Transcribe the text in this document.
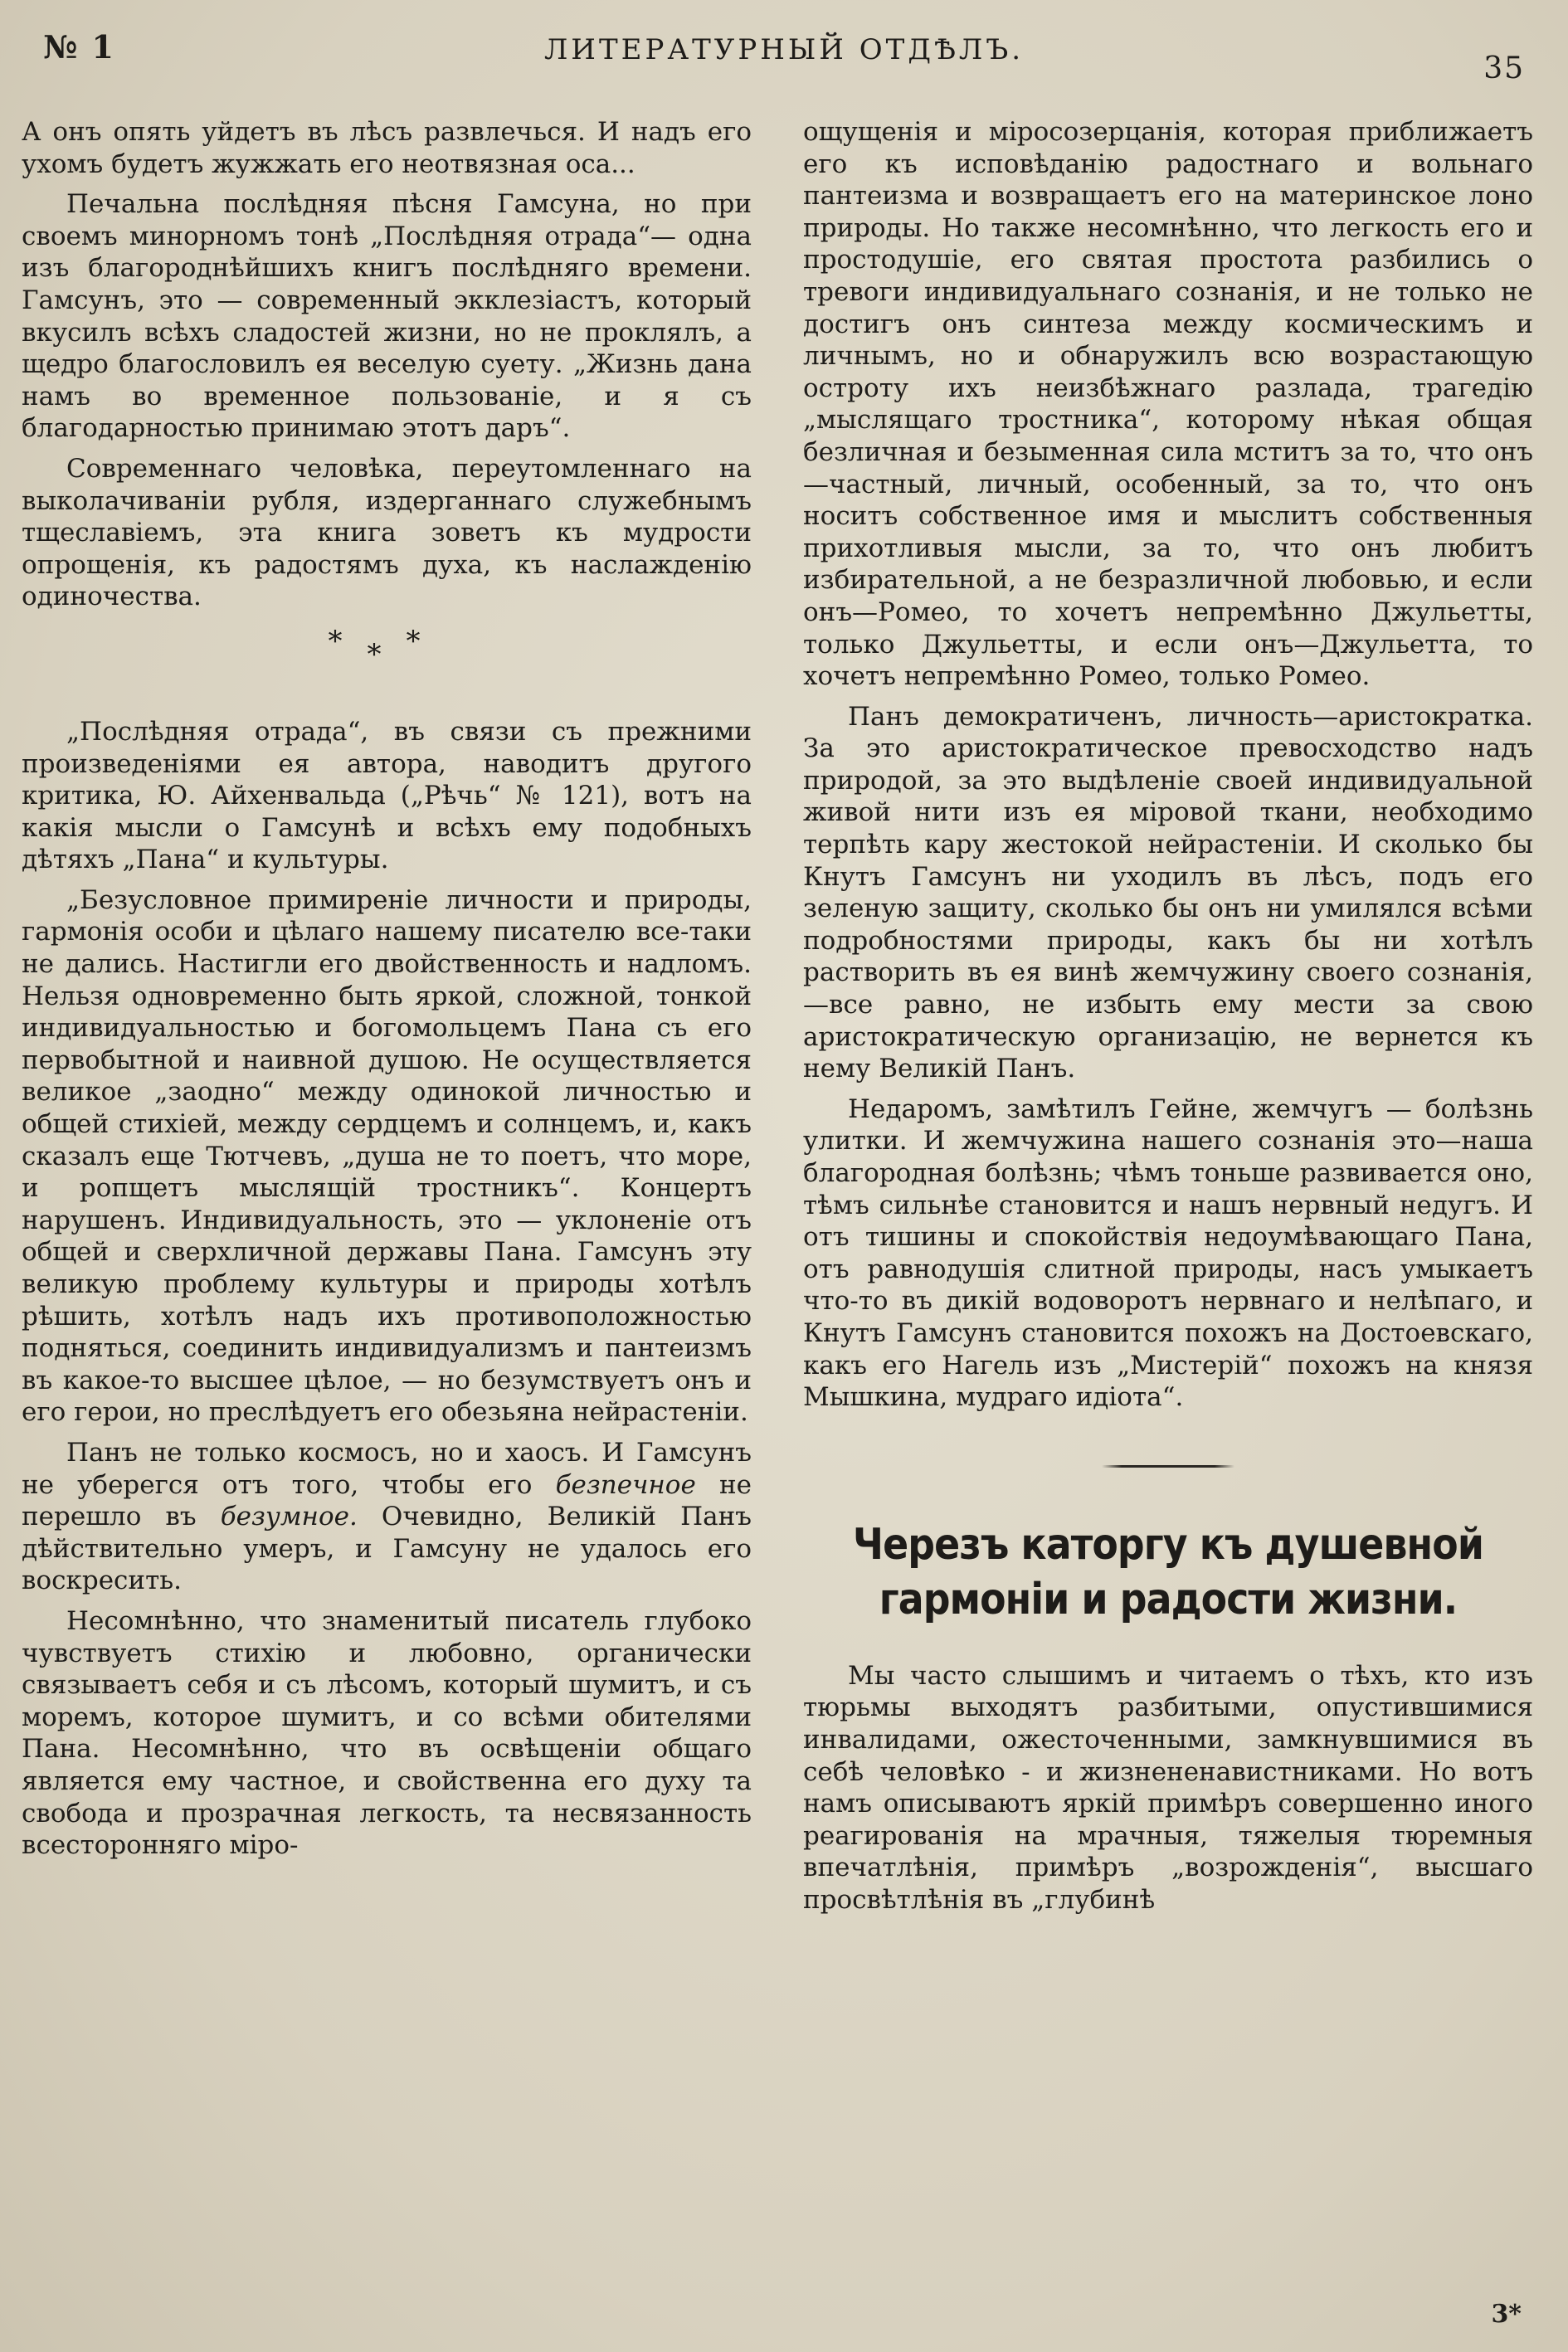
№ 1	ЛИТЕРАТУРНЫЙ ОТДѢЛЪ.
35

А онъ опять уйдетъ въ лѣсъ развлечься. И надъ его ухомъ будетъ жужжать его неотвязная оса...

Печальна послѣдняя пѣсня Гамсуна, но при своемъ минорномъ тонѣ „Послѣдняя отрада“— одна изъ благороднѣйшихъ книгъ послѣдняго времени. Гамсунъ, это — современный экклезіастъ, который вкусилъ всѣхъ сладостей жизни, но не проклялъ, а щедро благословилъ ея веселую суету. „Жизнь дана намъ во временное пользованіе, и я съ благодарностью принимаю этотъ даръ“.

Современнаго человѣка, переутомленнаго на выколачиваніи рубля, издерганнаго служебнымъ тщеславіемъ, эта книга зоветъ къ мудрости опрощенія, къ радостямъ духа, къ наслажденію одиночества.

***

„Послѣдняя отрада“, въ связи съ прежними произведеніями ея автора, наводитъ другого критика, Ю. Айхенвальда („Рѣчь“ № 121), вотъ на какія мысли о Гамсунѣ и всѣхъ ему подобныхъ дѣтяхъ „Пана“ и культуры.

„Безусловное примиреніе личности и природы, гармонія особи и цѣлаго нашему писателю все-таки не дались. Настигли его двойственность и надломъ. Нельзя одновременно быть яркой, сложной, тонкой индивидуальностью и богомольцемъ Пана съ его первобытной и наивной душою. Не осуществляется великое „заодно“ между одинокой личностью и общей стихіей, между сердцемъ и солнцемъ, и, какъ сказалъ еще Тютчевъ, „душа не то поетъ, что море, и ропщетъ мыслящій тростникъ“. Концертъ нарушенъ. Индивидуальность, это — уклоненіе отъ общей и сверхличной державы Пана. Гамсунъ эту великую проблему культуры и природы хотѣлъ рѣшить, хотѣлъ надъ ихъ противоположностью подняться, соединить индивидуализмъ и пантеизмъ въ какое-то высшее цѣлое, — но безумствуетъ онъ и его герои, но преслѣдуетъ его обезьяна нейрастеніи.

Панъ не только космосъ, но и хаосъ. И Гамсунъ не уберегся отъ того, чтобы его безпечное не перешло въ безумное. Очевидно, Великій Панъ дѣйствительно умеръ, и Гамсуну не удалось его воскресить.

Несомнѣнно, что знаменитый писатель глубоко чувствуетъ стихію и любовно, органически связываетъ себя и съ лѣсомъ, который шумитъ, и съ моремъ, которое шумитъ, и со всѣми обителями Пана. Несомнѣнно, что въ освѣщеніи общаго является ему частное, и свойственна его духу та свобода и прозрачная легкость, та несвязанность всесторонняго міро-

ощущенія и міросозерцанія, которая приближаетъ его къ исповѣданію радостнаго и вольнаго пантеизма и возвращаетъ его на материнское лоно природы. Но также несомнѣнно, что легкость его и простодушіе, его святая простота разбились о тревоги индивидуальнаго сознанія, и не только не достигъ онъ синтеза между космическимъ и личнымъ, но и обнаружилъ всю возрастающую остроту ихъ неизбѣжнаго разлада, трагедію „мыслящаго тростника“, которому нѣкая общая безличная и безыменная сила мститъ за то, что онъ—частный, личный, особенный, за то, что онъ носитъ собственное имя и мыслитъ собственныя прихотливыя мысли, за то, что онъ любитъ избирательной, а не безразличной любовью, и если онъ—Ромео, то хочетъ непремѣнно Джульетты, только Джульетты, и если онъ—Джульетта, то хочетъ непремѣнно Ромео, только Ромео.

Панъ демократиченъ, личность—аристократка. За это аристократическое превосходство надъ природой, за это выдѣленіе своей индивидуальной живой нити изъ ея міровой ткани, необходимо терпѣть кару жестокой нейрастеніи. И сколько бы Кнутъ Гамсунъ ни уходилъ въ лѣсъ, подъ его зеленую защиту, сколько бы онъ ни умилялся всѣми подробностями природы, какъ бы ни хотѣлъ растворить въ ея винѣ жемчужину своего сознанія,—все равно, не избыть ему мести за свою аристократическую организацію, не вернется къ нему Великій Панъ.

Недаромъ, замѣтилъ Гейне, жемчугъ — болѣзнь улитки. И жемчужина нашего сознанія это—наша благородная болѣзнь; чѣмъ тоньше развивается оно, тѣмъ сильнѣе становится и нашъ нервный недугъ. И отъ тишины и спокойствія недоумѣвающаго Пана, отъ равнодушія слитной природы, насъ умыкаетъ что-то въ дикій водоворотъ нервнаго и нелѣпаго, и Кнутъ Гамсунъ становится похожъ на Достоевскаго, какъ его Нагель изъ „Мистерій“ похожъ на князя Мышкина, мудраго идіота“.

Черезъ каторгу къ душевной гармоніи и радости жизни.

Мы часто слышимъ и читаемъ о тѣхъ, кто изъ тюрьмы выходятъ разбитыми, опустившимися инвалидами, ожесточенными, замкнувшимися въ себѣ человѣко - и жизнененавистниками. Но вотъ намъ описываютъ яркій примѣръ совершенно иного реагированія на мрачныя, тяжелыя тюремныя впечатлѣнія, примѣръ „возрожденія“, высшаго просвѣтлѣнія въ „глубинѣ

3*
